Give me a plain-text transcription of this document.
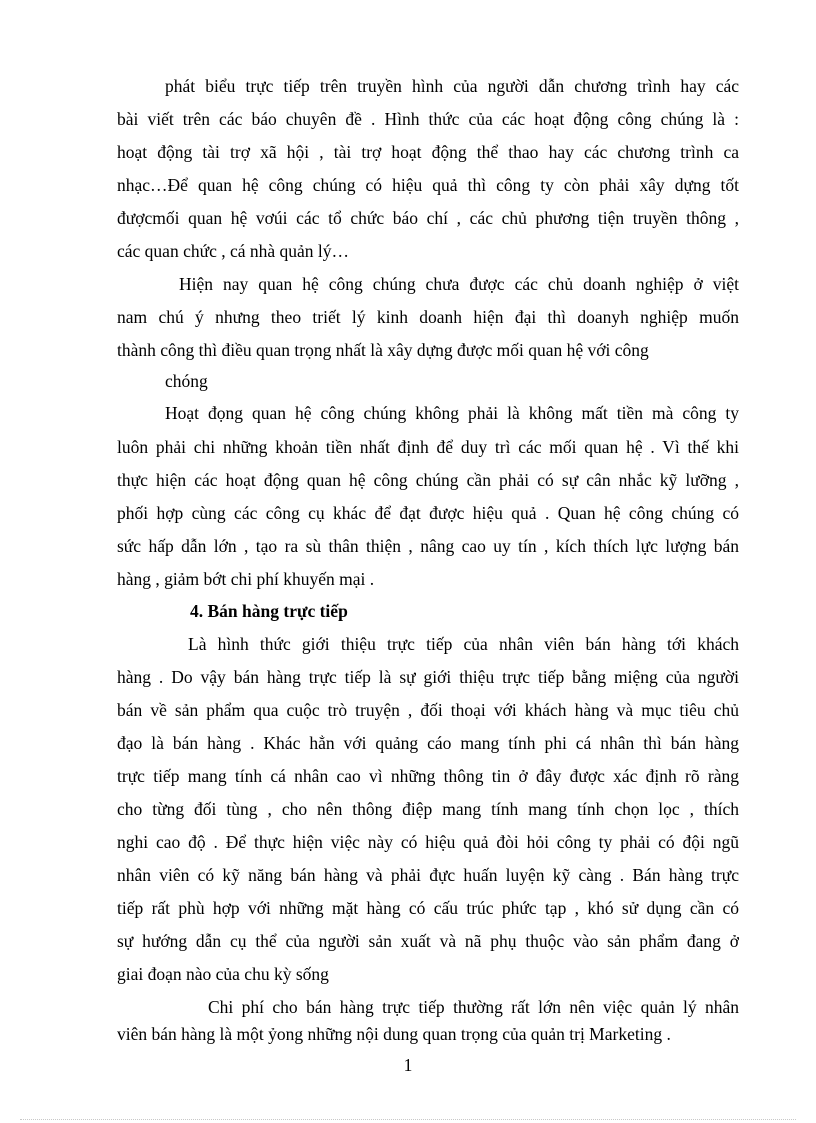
phát biểu trực tiếp trên truyền hình của người dẫn chương trình hay các
bài viết trên các báo chuyên đề . Hình thức của các hoạt động công chúng là :
hoạt động tài trợ xã hội , tài trợ hoạt động thể thao hay các chương trình ca
nhạc…Để quan hệ công chúng có hiệu quả thì công ty còn phải xây dựng tốt
đượcmối quan hệ vơúi các tổ chức báo chí , các chủ phương tiện truyền thông ,
các quan chức , cá nhà quản lý…
Hiện nay quan hệ công chúng chưa được các chủ doanh nghiệp ở việt
nam chú ý nhưng theo triết lý kinh doanh hiện đại thì doanyh nghiệp muốn
thành công thì điều quan trọng nhất là xây dựng được mối quan hệ với công
chóng
Hoạt đọng quan hệ công chúng không phải là không mất tiền mà công ty
luôn phải chi những khoản tiền nhất định để duy trì các mối quan hệ . Vì thế khi
thực hiện các hoạt động quan hệ công chúng cần phải có sự cân nhắc kỹ lưỡng ,
phối hợp cùng các công cụ khác để đạt được hiệu quả . Quan hệ công chúng có
sức hấp dẫn lớn , tạo ra sù thân thiện , nâng cao uy tín , kích thích lực lượng bán
hàng , giảm bớt chi phí khuyến mại .
4. Bán hàng trực tiếp
Là hình thức giới thiệu trực tiếp của nhân viên bán hàng tới khách
hàng . Do vậy bán hàng trực tiếp là sự giới thiệu trực tiếp bằng miệng của người
bán về sản phẩm qua cuộc trò truyện , đối thoại với khách hàng và mục tiêu chủ
đạo là bán hàng . Khác hẳn với quảng cáo mang tính phi cá nhân thì bán hàng
trực tiếp mang tính cá nhân cao vì những thông tin ở đây được xác định rõ ràng
cho từng đối tùng , cho nên thông điệp mang tính mang tính chọn lọc , thích
nghi cao độ . Để thực hiện việc này có hiệu quả đòi hỏi công ty phải có đội ngũ
nhân viên có kỹ năng bán hàng và phải đực huấn luyện kỹ càng . Bán hàng trực
tiếp rất phù hợp với những mặt hàng có cấu trúc phức tạp , khó sử dụng cần có
sự hướng dẫn cụ thể của người sản xuất và nã phụ thuộc vào sản phẩm đang ở
giai đoạn nào của chu kỳ sống
Chi phí cho bán hàng trực tiếp thường rất lớn nên việc quản lý nhân
viên bán hàng là một ỷong những nội dung quan trọng của quản trị Marketing .
1
